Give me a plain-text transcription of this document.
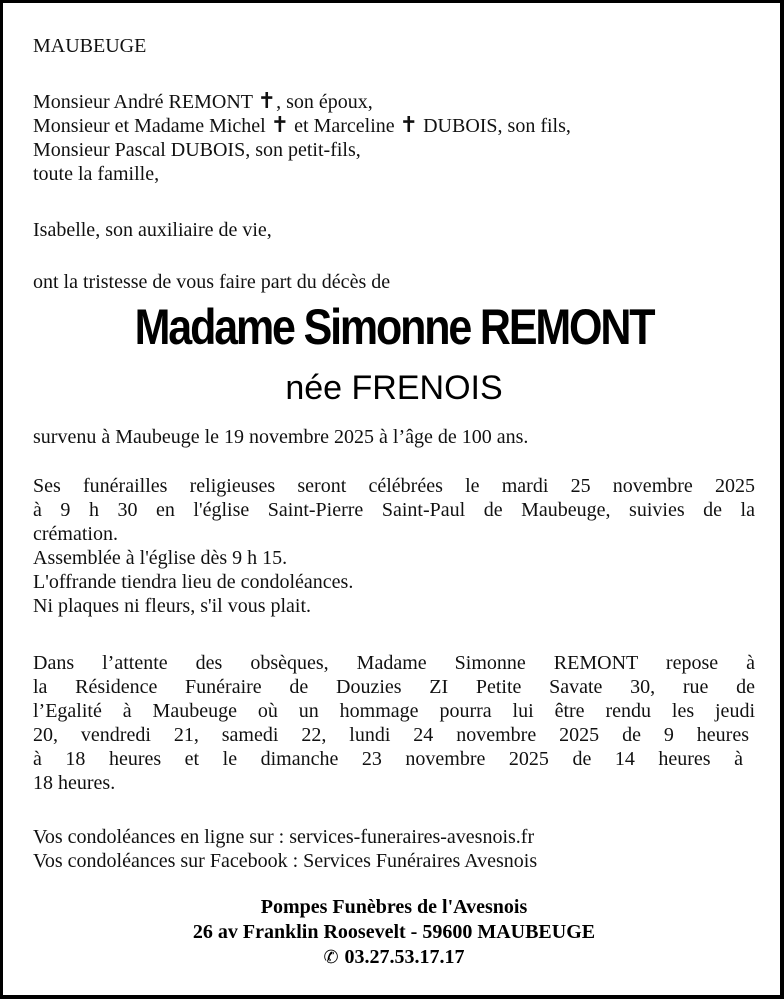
MAUBEUGE
Monsieur André REMONT ✝, son époux,
Monsieur et Madame Michel ✝ et Marceline ✝ DUBOIS, son fils,
Monsieur Pascal DUBOIS, son petit-fils,
toute la famille,
Isabelle, son auxiliaire de vie,
ont la tristesse de vous faire part du décès de
Madame Simonne REMONT
née FRENOIS
survenu à Maubeuge le 19 novembre 2025 à l’âge de 100 ans.
Ses funérailles religieuses seront célébrées le mardi 25 novembre 2025
à 9 h 30 en l'église Saint-Pierre Saint-Paul de Maubeuge, suivies de la
crémation.
Assemblée à l'église dès 9 h 15.
L'offrande tiendra lieu de condoléances.
Ni plaques ni fleurs, s'il vous plait.
Dans l’attente des obsèques, Madame Simonne REMONT repose à
la Résidence Funéraire de Douzies ZI Petite Savate 30, rue de
l’Egalité à Maubeuge où un hommage pourra lui être rendu les jeudi
20, vendredi 21, samedi 22, lundi 24 novembre 2025 de 9 heures
à 18 heures et le dimanche 23 novembre 2025 de 14 heures à
18 heures.
Vos condoléances en ligne sur : services-funeraires-avesnois.fr
Vos condoléances sur Facebook : Services Funéraires Avesnois
Pompes Funèbres de l'Avesnois
26 av Franklin Roosevelt - 59600 MAUBEUGE
✆ 03.27.53.17.17
